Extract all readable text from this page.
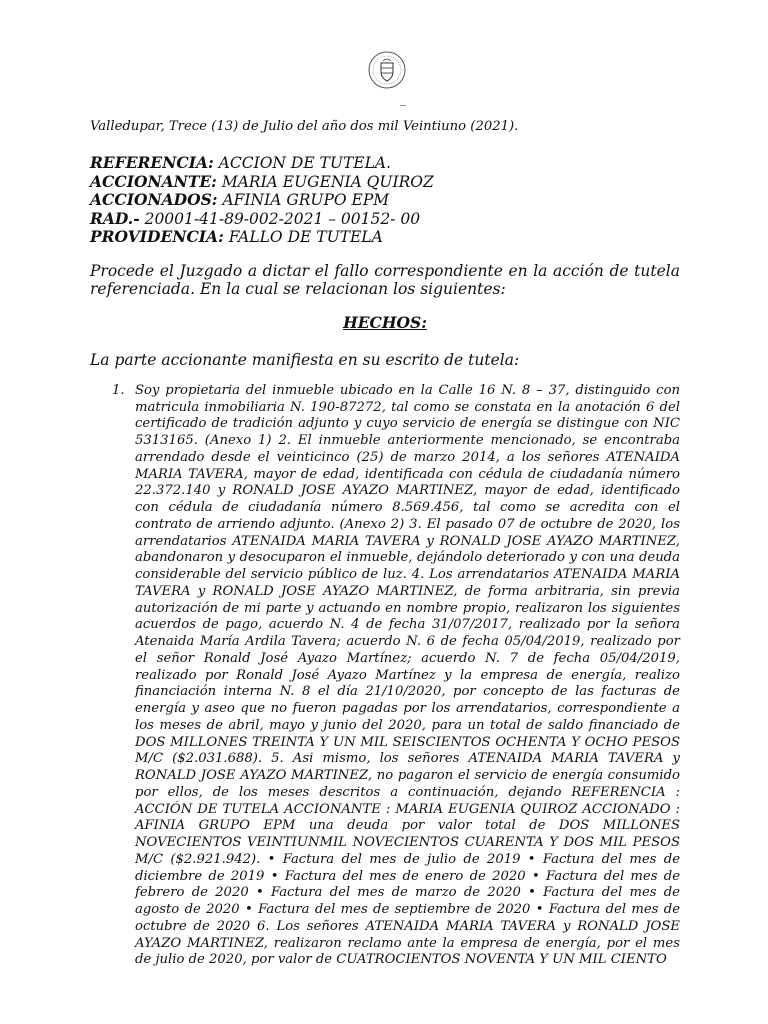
_

Valledupar, Trece (13) de Julio del año dos mil Veintiuno (2021).

REFERENCIA: ACCION DE TUTELA.
ACCIONANTE: MARIA EUGENIA QUIROZ
ACCIONADOS: AFINIA GRUPO EPM
RAD.- 20001-41-89-002-2021 – 00152- 00
PROVIDENCIA: FALLO DE TUTELA

Procede el Juzgado a dictar el fallo correspondiente en la acción de tutela referenciada. En la cual se relacionan los siguientes:

HECHOS:

La parte accionante manifiesta en su escrito de tutela:

1. Soy propietaria del inmueble ubicado en la Calle 16 N. 8 – 37, distinguido con matricula inmobiliaria N. 190-87272, tal como se constata en la anotación 6 del certificado de tradición adjunto y cuyo servicio de energía se distingue con NIC 5313165. (Anexo 1) 2. El inmueble anteriormente mencionado, se encontraba arrendado desde el veinticinco (25) de marzo 2014, a los señores ATENAIDA MARIA TAVERA, mayor de edad, identificada con cédula de ciudadanía número 22.372.140 y RONALD JOSE AYAZO MARTINEZ, mayor de edad, identificado con cédula de ciudadanía número 8.569.456, tal como se acredita con el contrato de arriendo adjunto. (Anexo 2) 3. El pasado 07 de octubre de 2020, los arrendatarios ATENAIDA MARIA TAVERA y RONALD JOSE AYAZO MARTINEZ, abandonaron y desocuparon el inmueble, dejándolo deteriorado y con una deuda considerable del servicio público de luz. 4. Los arrendatarios ATENAIDA MARIA TAVERA y RONALD JOSE AYAZO MARTINEZ, de forma arbitraria, sin previa autorización de mi parte y actuando en nombre propio, realizaron los siguientes acuerdos de pago, acuerdo N. 4 de fecha 31/07/2017, realizado por la señora Atenaida María Ardila Tavera; acuerdo N. 6 de fecha 05/04/2019, realizado por el señor Ronald José Ayazo Martínez; acuerdo N. 7 de fecha 05/04/2019, realizado por Ronald José Ayazo Martínez y la empresa de energía, realizo financiación interna N. 8 el día 21/10/2020, por concepto de las facturas de energía y aseo que no fueron pagadas por los arrendatarios, correspondiente a los meses de abril, mayo y junio del 2020, para un total de saldo financiado de DOS MILLONES TREINTA Y UN MIL SEISCIENTOS OCHENTA Y OCHO PESOS M/C ($2.031.688). 5. Asi mismo, los señores ATENAIDA MARIA TAVERA y RONALD JOSE AYAZO MARTINEZ, no pagaron el servicio de energía consumido por ellos, de los meses descritos a continuación, dejando REFERENCIA : ACCIÓN DE TUTELA ACCIONANTE : MARIA EUGENIA QUIROZ ACCIONADO : AFINIA GRUPO EPM una deuda por valor total de DOS MILLONES NOVECIENTOS VEINTIUNMIL NOVECIENTOS CUARENTA Y DOS MIL PESOS M/C ($2.921.942). • Factura del mes de julio de 2019 • Factura del mes de diciembre de 2019 • Factura del mes de enero de 2020 • Factura del mes de febrero de 2020 • Factura del mes de marzo de 2020 • Factura del mes de agosto de 2020 • Factura del mes de septiembre de 2020 • Factura del mes de octubre de 2020 6. Los señores ATENAIDA MARIA TAVERA y RONALD JOSE AYAZO MARTINEZ, realizaron reclamo ante la empresa de energía, por el mes de julio de 2020, por valor de CUATROCIENTOS NOVENTA Y UN MIL CIENTO
